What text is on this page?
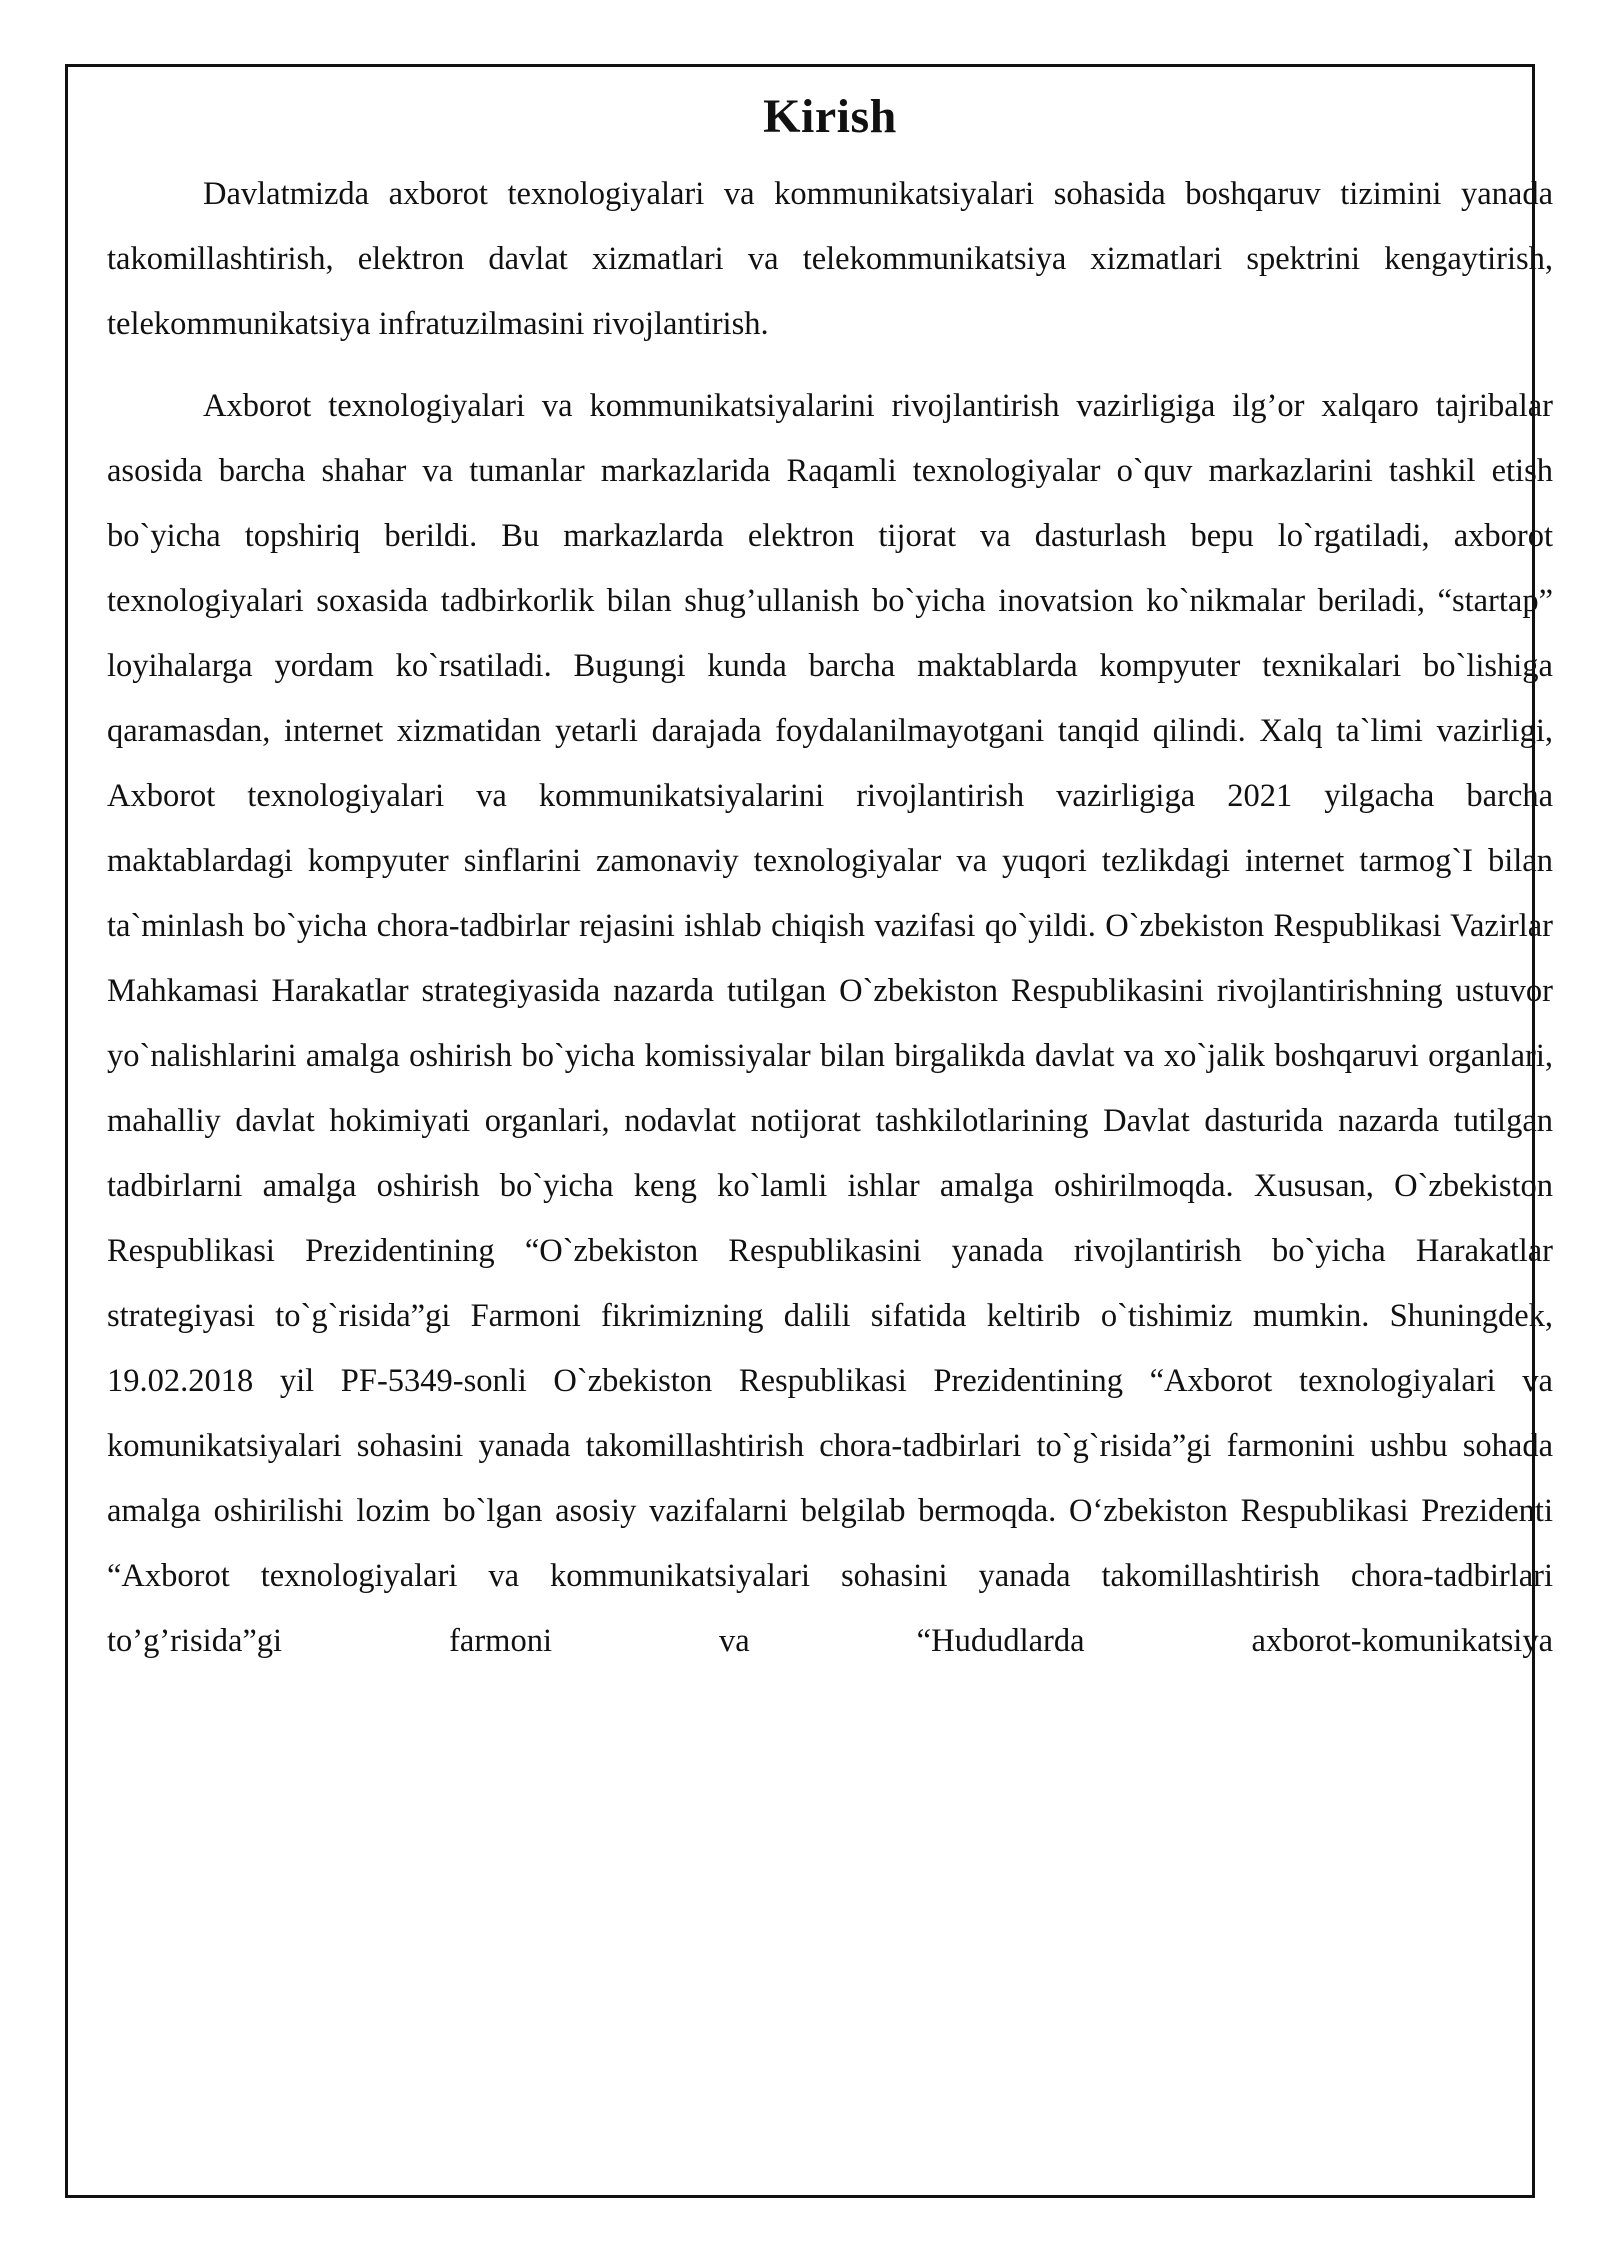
Kirish

Davlatmizda axborot texnologiyalari va kommunikatsiyalari sohasida boshqaruv tizimini yanada takomillashtirish, elektron davlat xizmatlari va telekommunikatsiya xizmatlari spektrini kengaytirish, telekommunikatsiya infratuzilmasini rivojlantirish.

Axborot texnologiyalari va kommunikatsiyalarini rivojlantirish vazirligiga ilg’or xalqaro tajribalar asosida barcha shahar va tumanlar markazlarida Raqamli texnologiyalar o`quv markazlarini tashkil etish bo`yicha topshiriq berildi. Bu markazlarda elektron tijorat va dasturlash bepu lo`rgatiladi, axborot texnologiyalari soxasida tadbirkorlik bilan shug’ullanish bo`yicha inovatsion ko`nikmalar beriladi, “startap” loyihalarga yordam ko`rsatiladi. Bugungi kunda barcha maktablarda kompyuter texnikalari bo`lishiga qaramasdan, internet xizmatidan yetarli darajada foydalanilmayotgani tanqid qilindi. Xalq ta`limi vazirligi, Axborot texnologiyalari va kommunikatsiyalarini rivojlantirish vazirligiga 2021 yilgacha barcha maktablardagi kompyuter sinflarini zamonaviy texnologiyalar va yuqori tezlikdagi internet tarmog`I bilan ta`minlash bo`yicha chora-tadbirlar rejasini ishlab chiqish vazifasi qo`yildi. O`zbekiston Respublikasi Vazirlar Mahkamasi Harakatlar strategiyasida nazarda tutilgan O`zbekiston Respublikasini rivojlantirishning ustuvor yo`nalishlarini amalga oshirish bo`yicha komissiyalar bilan birgalikda davlat va xo`jalik boshqaruvi organlari, mahalliy davlat hokimiyati organlari, nodavlat notijorat tashkilotlarining Davlat dasturida nazarda tutilgan tadbirlarni amalga oshirish bo`yicha keng ko`lamli ishlar amalga oshirilmoqda. Xususan, O`zbekiston Respublikasi Prezidentining “O`zbekiston Respublikasini yanada rivojlantirish bo`yicha Harakatlar strategiyasi to`g`risida”gi Farmoni fikrimizning dalili sifatida keltirib o`tishimiz mumkin. Shuningdek, 19.02.2018 yil PF-5349-sonli O`zbekiston Respublikasi Prezidentining “Axborot texnologiyalari va komunikatsiyalari sohasini yanada takomillashtirish chora-tadbirlari to`g`risida”gi farmonini ushbu sohada amalga oshirilishi lozim bo`lgan asosiy vazifalarni belgilab bermoqda. O‘zbekiston Respublikasi Prezidenti “Axborot texnologiyalari va kommunikatsiyalari sohasini yanada takomillashtirish chora-tadbirlari to’g’risida”gi farmoni va “Hududlarda axborot-komunikatsiya
